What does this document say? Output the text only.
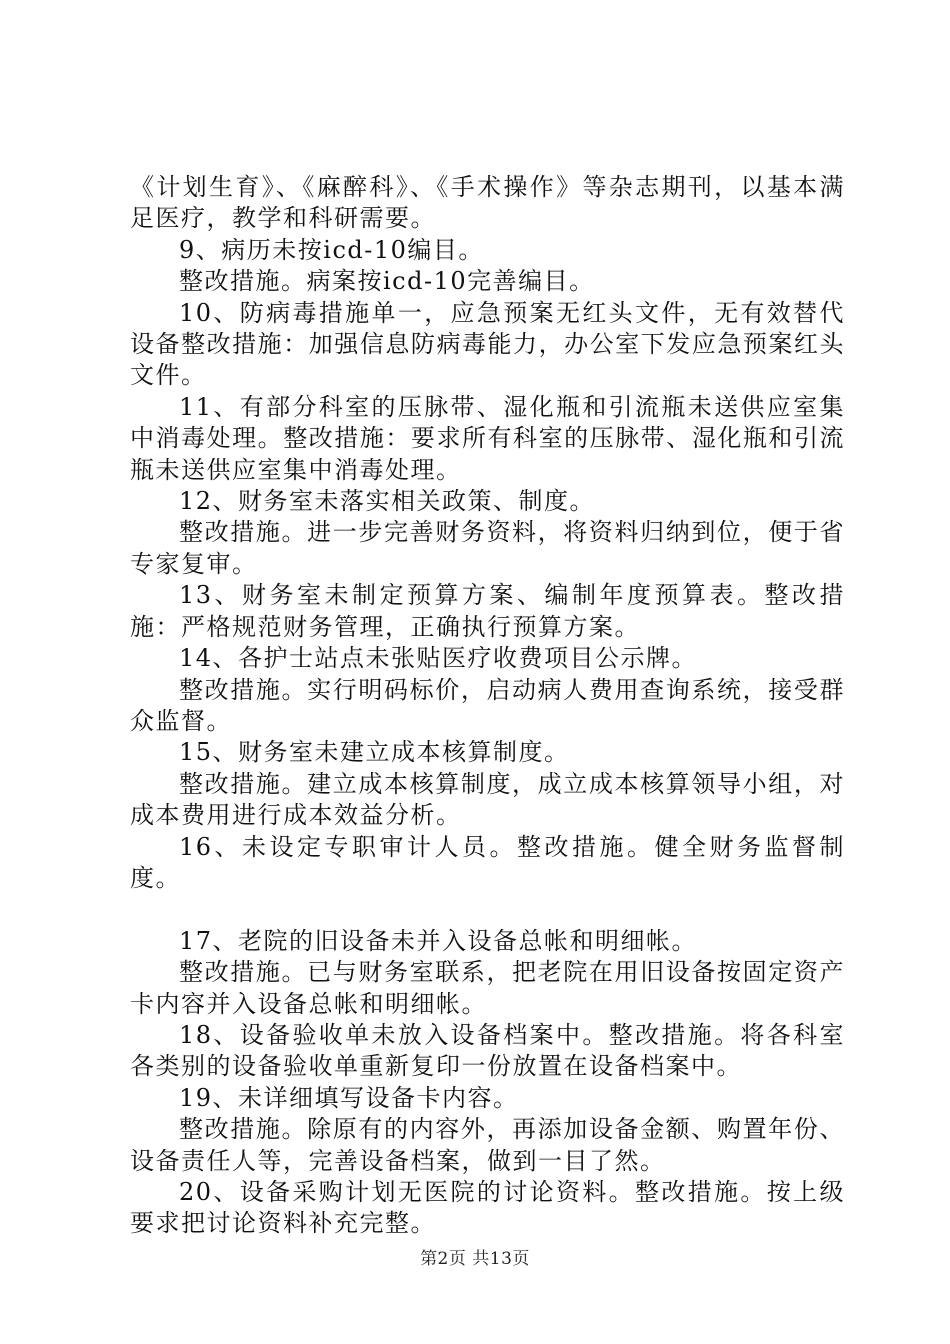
《计划生育》、《麻醉科》、《手术操作》等杂志期刊，以基本满足医疗，教学和科研需要。

9、病历未按icd-10编目。

整改措施。病案按icd-10完善编目。

10、防病毒措施单一，应急预案无红头文件，无有效替代设备整改措施：加强信息防病毒能力，办公室下发应急预案红头文件。

11、有部分科室的压脉带、湿化瓶和引流瓶未送供应室集中消毒处理。整改措施：要求所有科室的压脉带、湿化瓶和引流瓶未送供应室集中消毒处理。

12、财务室未落实相关政策、制度。

整改措施。进一步完善财务资料，将资料归纳到位，便于省专家复审。

13、财务室未制定预算方案、编制年度预算表。整改措施：严格规范财务管理，正确执行预算方案。

14、各护士站点未张贴医疗收费项目公示牌。

整改措施。实行明码标价，启动病人费用查询系统，接受群众监督。

15、财务室未建立成本核算制度。

整改措施。建立成本核算制度，成立成本核算领导小组，对成本费用进行成本效益分析。

16、未设定专职审计人员。整改措施。健全财务监督制度。

17、老院的旧设备未并入设备总帐和明细帐。

整改措施。已与财务室联系，把老院在用旧设备按固定资产卡内容并入设备总帐和明细帐。

18、设备验收单未放入设备档案中。整改措施。将各科室各类别的设备验收单重新复印一份放置在设备档案中。

19、未详细填写设备卡内容。

整改措施。除原有的内容外，再添加设备金额、购置年份、设备责任人等，完善设备档案，做到一目了然。

20、设备采购计划无医院的讨论资料。整改措施。按上级要求把讨论资料补充完整。

第2页 共13页
